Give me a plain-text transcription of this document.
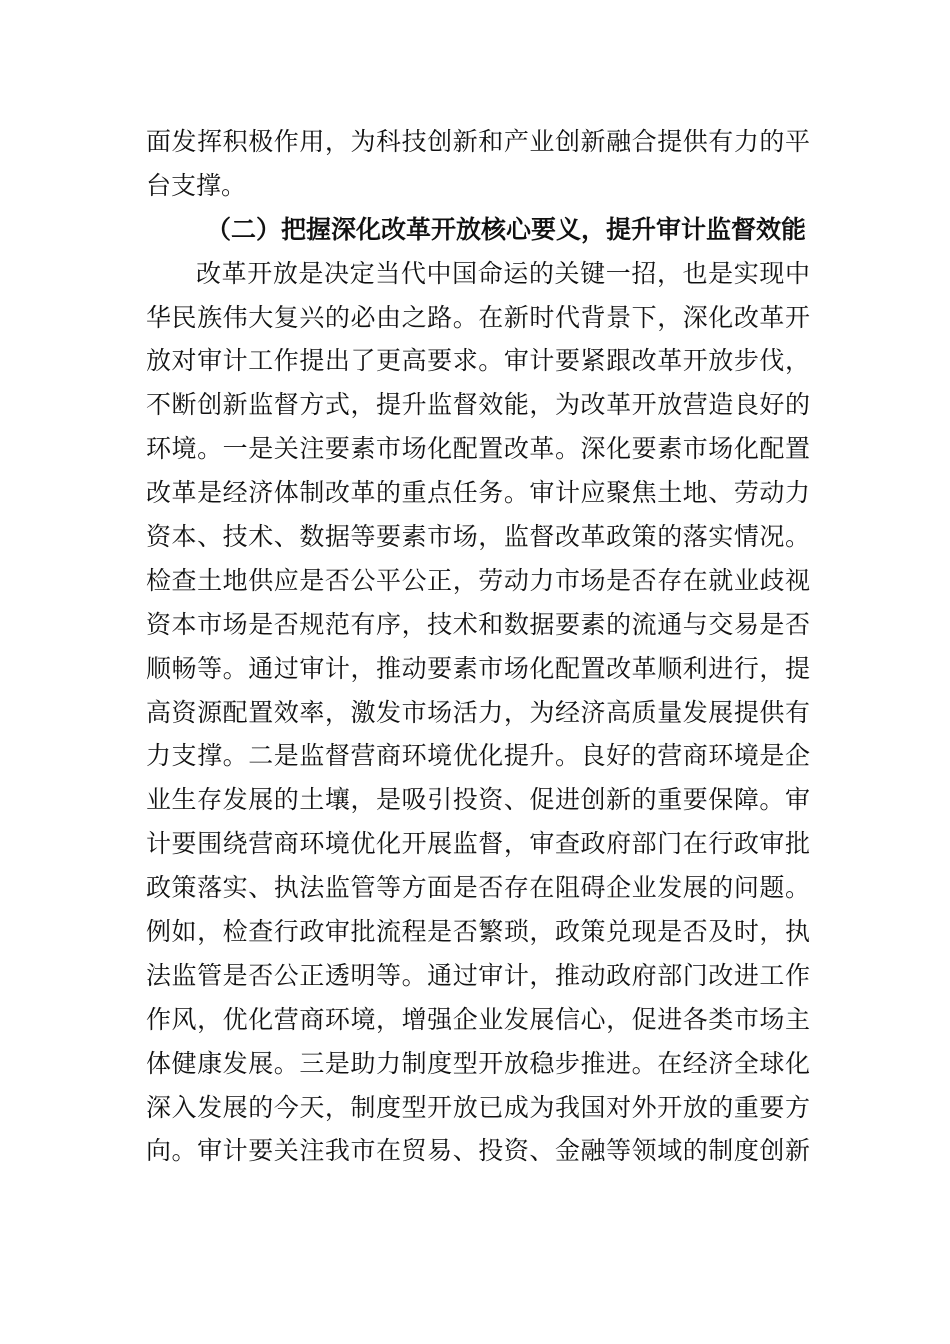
面发挥积极作用，为科技创新和产业创新融合提供有力的平
台支撑。
（二）把握深化改革开放核心要义，提升审计监督效能
改革开放是决定当代中国命运的关键一招，也是实现中
华民族伟大复兴的必由之路。在新时代背景下，深化改革开
放对审计工作提出了更高要求。审计要紧跟改革开放步伐，
不断创新监督方式，提升监督效能，为改革开放营造良好的
环境。一是关注要素市场化配置改革。深化要素市场化配置
改革是经济体制改革的重点任务。审计应聚焦土地、劳动力
资本、技术、数据等要素市场，监督改革政策的落实情况。
检查土地供应是否公平公正，劳动力市场是否存在就业歧视
资本市场是否规范有序，技术和数据要素的流通与交易是否
顺畅等。通过审计，推动要素市场化配置改革顺利进行，提
高资源配置效率，激发市场活力，为经济高质量发展提供有
力支撑。二是监督营商环境优化提升。良好的营商环境是企
业生存发展的土壤，是吸引投资、促进创新的重要保障。审
计要围绕营商环境优化开展监督，审查政府部门在行政审批
政策落实、执法监管等方面是否存在阻碍企业发展的问题。
例如，检查行政审批流程是否繁琐，政策兑现是否及时，执
法监管是否公正透明等。通过审计，推动政府部门改进工作
作风，优化营商环境，增强企业发展信心，促进各类市场主
体健康发展。三是助力制度型开放稳步推进。在经济全球化
深入发展的今天，制度型开放已成为我国对外开放的重要方
向。审计要关注我市在贸易、投资、金融等领域的制度创新
